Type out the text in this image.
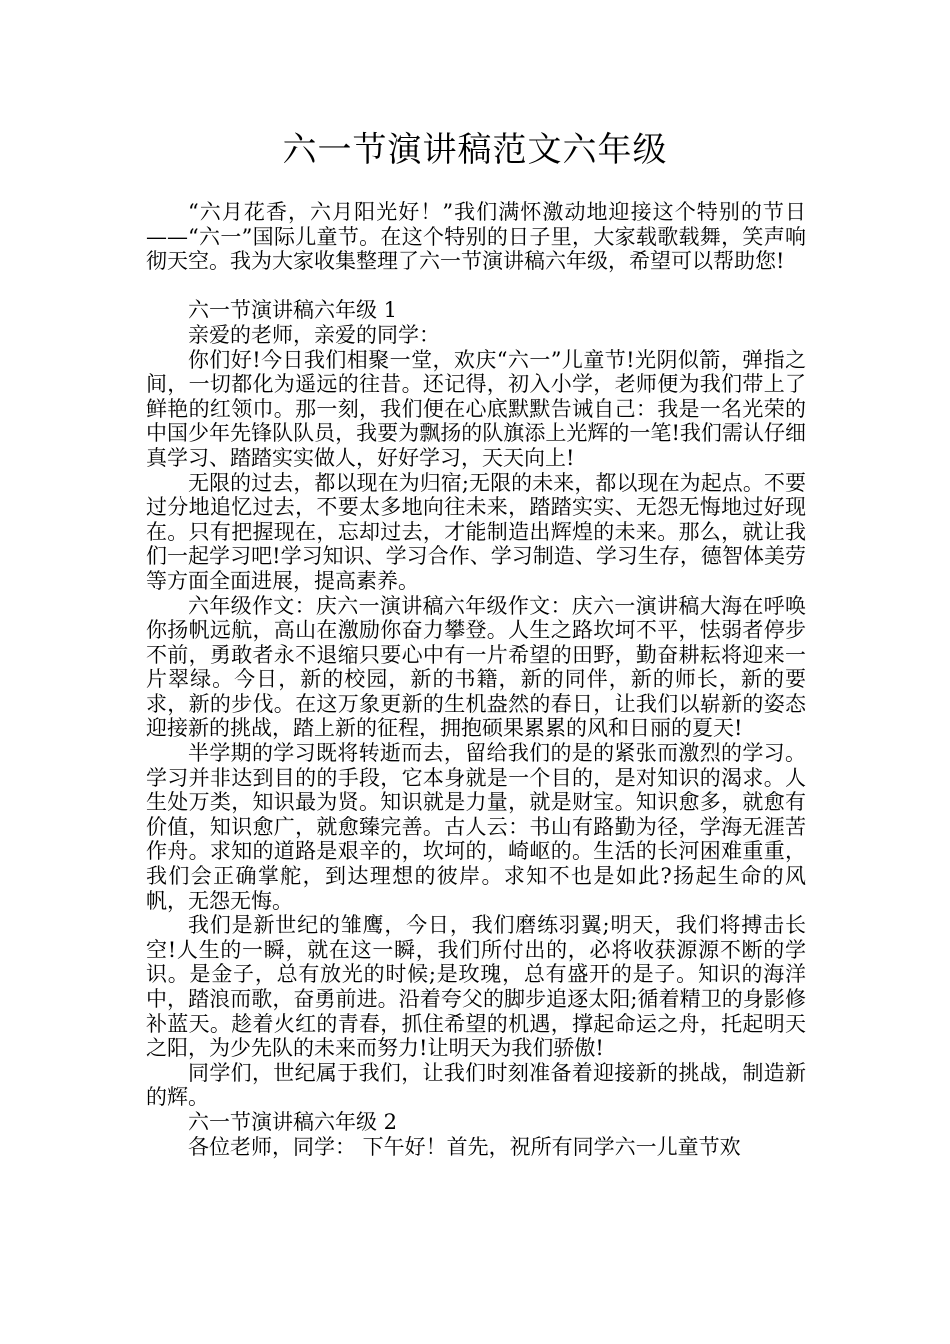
六一节演讲稿范文六年级

“六月花香，六月阳光好！”我们满怀激动地迎接这个特别的节日——“六一”国际儿童节。在这个特别的日子里，大家载歌载舞，笑声响彻天空。我为大家收集整理了六一节演讲稿六年级，希望可以帮助您!

六一节演讲稿六年级 1

亲爱的老师，亲爱的同学：

你们好!今日我们相聚一堂，欢庆“六一”儿童节!光阴似箭，弹指之间，一切都化为遥远的往昔。还记得，初入小学，老师便为我们带上了鲜艳的红领巾。那一刻，我们便在心底默默告诫自己：我是一名光荣的中国少年先锋队队员，我要为飘扬的队旗添上光辉的一笔!我们需认仔细真学习、踏踏实实做人，好好学习，天天向上!

无限的过去，都以现在为归宿;无限的未来，都以现在为起点。不要过分地追忆过去，不要太多地向往未来，踏踏实实、无怨无悔地过好现在。只有把握现在，忘却过去，才能制造出辉煌的未来。那么，就让我们一起学习吧!学习知识、学习合作、学习制造、学习生存，德智体美劳等方面全面进展，提高素养。

六年级作文：庆六一演讲稿六年级作文：庆六一演讲稿大海在呼唤你扬帆远航，高山在激励你奋力攀登。人生之路坎坷不平，怯弱者停步不前，勇敢者永不退缩只要心中有一片希望的田野，勤奋耕耘将迎来一片翠绿。今日，新的校园，新的书籍，新的同伴，新的师长，新的要求，新的步伐。在这万象更新的生机盎然的春日，让我们以崭新的姿态迎接新的挑战，踏上新的征程，拥抱硕果累累的风和日丽的夏天!

半学期的学习既将转逝而去，留给我们的是的紧张而激烈的学习。学习并非达到目的的手段，它本身就是一个目的，是对知识的渴求。人生处万类，知识最为贤。知识就是力量，就是财宝。知识愈多，就愈有价值，知识愈广，就愈臻完善。古人云：书山有路勤为径，学海无涯苦作舟。求知的道路是艰辛的，坎坷的，崎岖的。生活的长河困难重重，我们会正确掌舵，到达理想的彼岸。求知不也是如此?扬起生命的风帆，无怨无悔。

我们是新世纪的雏鹰，今日，我们磨练羽翼;明天，我们将搏击长空!人生的一瞬，就在这一瞬，我们所付出的，必将收获源源不断的学识。是金子，总有放光的时候;是玫瑰，总有盛开的是子。知识的海洋中，踏浪而歌，奋勇前进。沿着夸父的脚步追逐太阳;循着精卫的身影修补蓝天。趁着火红的青春，抓住希望的机遇，撑起命运之舟，托起明天之阳，为少先队的未来而努力!让明天为我们骄傲!

同学们，世纪属于我们，让我们时刻准备着迎接新的挑战，制造新的辉。

六一节演讲稿六年级 2

各位老师，同学： 下午好！首先，祝所有同学六一儿童节欢
